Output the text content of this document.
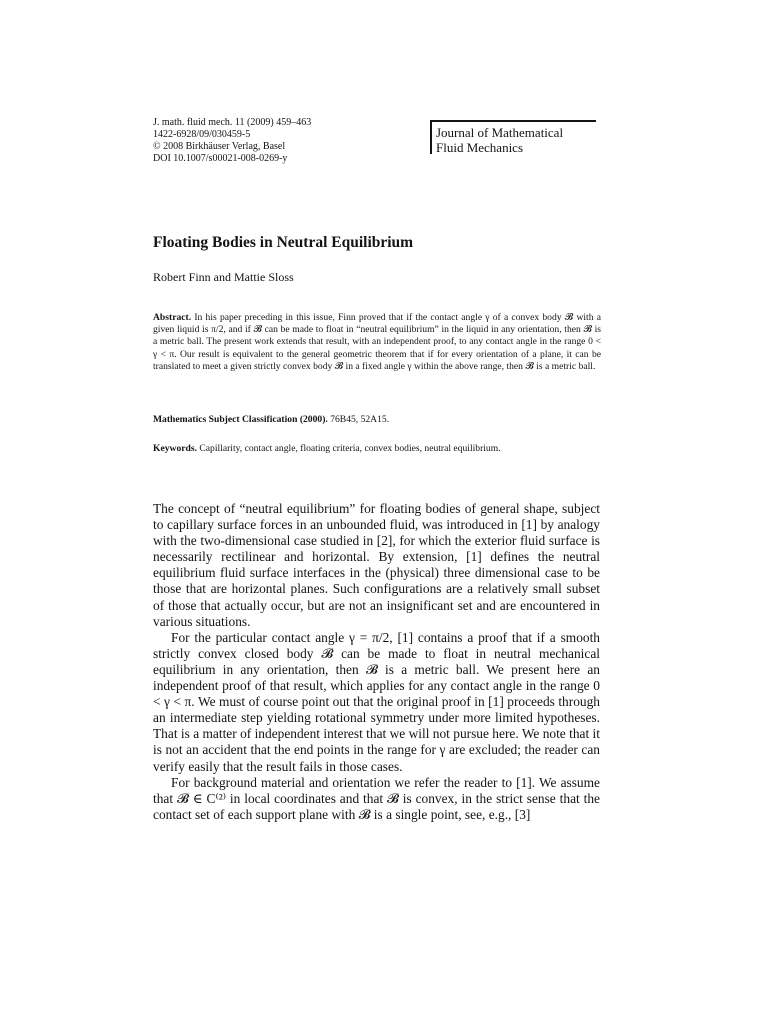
J. math. fluid mech. 11 (2009) 459–463
1422-6928/09/030459-5
© 2008 Birkhäuser Verlag, Basel
DOI 10.1007/s00021-008-0269-y
Journal of Mathematical
Fluid Mechanics
Floating Bodies in Neutral Equilibrium
Robert Finn and Mattie Sloss

Abstract. In his paper preceding in this issue, Finn proved that if the contact angle γ of a convex body 𝓑 with a given liquid is π/2, and if 𝓑 can be made to float in “neutral equilibrium” in the liquid in any orientation, then 𝓑 is a metric ball. The present work extends that result, with an independent proof, to any contact angle in the range 0 < γ < π. Our result is equivalent to the general geometric theorem that if for every orientation of a plane, it can be translated to meet a given strictly convex body 𝓑 in a fixed angle γ within the above range, then 𝓑 is a metric ball.

Mathematics Subject Classification (2000). 76B45, 52A15.
Keywords. Capillarity, contact angle, floating criteria, convex bodies, neutral equilibrium.

The concept of “neutral equilibrium” for floating bodies of general shape, subject to capillary surface forces in an unbounded fluid, was introduced in [1] by analogy with the two-dimensional case studied in [2], for which the exterior fluid surface is necessarily rectilinear and horizontal. By extension, [1] defines the neutral equilibrium fluid surface interfaces in the (physical) three dimensional case to be those that are horizontal planes. Such configurations are a relatively small subset of those that actually occur, but are not an insignificant set and are encountered in various situations.

For the particular contact angle γ = π/2, [1] contains a proof that if a smooth strictly convex closed body 𝓑 can be made to float in neutral mechanical equilibrium in any orientation, then 𝓑 is a metric ball. We present here an independent proof of that result, which applies for any contact angle in the range 0 < γ < π. We must of course point out that the original proof in [1] proceeds through an intermediate step yielding rotational symmetry under more limited hypotheses. That is a matter of independent interest that we will not pursue here. We note that it is not an accident that the end points in the range for γ are excluded; the reader can verify easily that the result fails in those cases.

For background material and orientation we refer the reader to [1]. We assume that 𝓑 ∈ C⁽²⁾ in local coordinates and that 𝓑 is convex, in the strict sense that the contact set of each support plane with 𝓑 is a single point, see, e.g., [3]
